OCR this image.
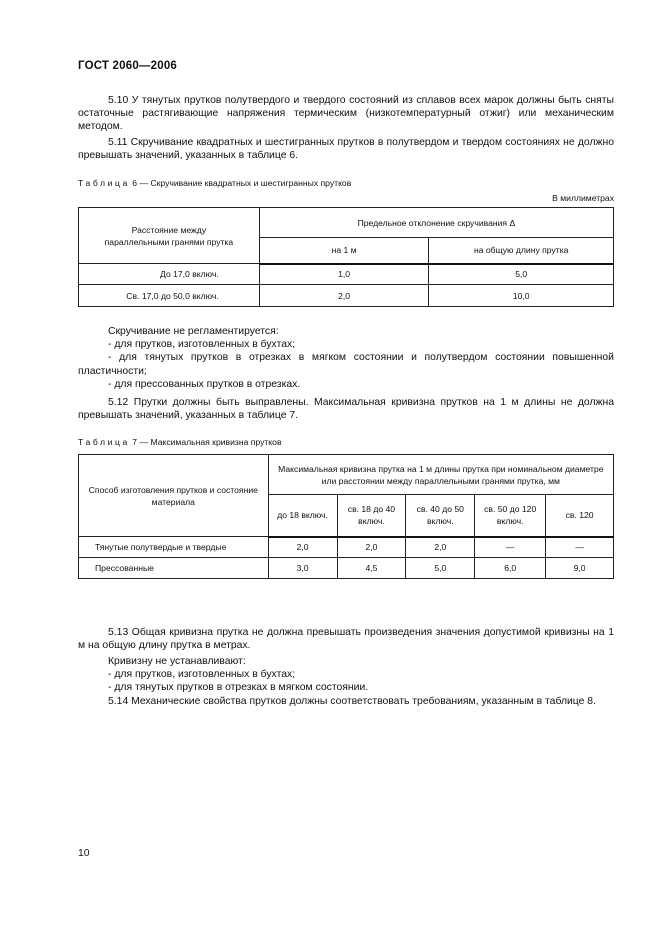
ГОСТ 2060—2006
5.10 У тянутых прутков полутвердого и твердого состояний из сплавов всех марок должны быть сняты остаточные растягивающие напряжения термическим (низкотемпературный отжиг) или механическим методом.
5.11 Скручивание квадратных и шестигранных прутков в полутвердом и твердом состояниях не должно превышать значений, указанных в таблице 6.
Таблица 6 — Скручивание квадратных и шестигранных прутков
В миллиметрах
Расстояние между параллельными гранями прутка	Предельное отклонение скручивания Δ	
	на 1 м	на общую длину прутка
До 17,0 включ.	1,0	5,0
Св. 17,0 до 50,0 включ.	2,0	10,0
Скручивание не регламентируется:
- для прутков, изготовленных в бухтах;
- для тянутых прутков в отрезках в мягком состоянии и полутвердом состоянии повышенной пластичности;
- для прессованных прутков в отрезках.
5.12 Прутки должны быть выправлены. Максимальная кривизна прутков на 1 м длины не должна превышать значений, указанных в таблице 7.
Таблица 7 — Максимальная кривизна прутков
Способ изготовления прутков и состояние материала	Максимальная кривизна прутка на 1 м длины прутка при номинальном диаметре или расстоянии между параллельными гранями прутка, мм				
	до 18 включ.	св. 18 до 40 включ.	св. 40 до 50 включ.	св. 50 до 120 включ.	св. 120
Тянутые полутвердые и твердые	2,0	2,0	2,0	—	—
Прессованные	3,0	4,5	5,0	6,0	9,0
5.13 Общая кривизна прутка не должна превышать произведения значения допустимой кривизны на 1 м на общую длину прутка в метрах.
Кривизну не устанавливают:
- для прутков, изготовленных в бухтах;
- для тянутых прутков в отрезках в мягком состоянии.
5.14 Механические свойства прутков должны соответствовать требованиям, указанным в таблице 8.
10
